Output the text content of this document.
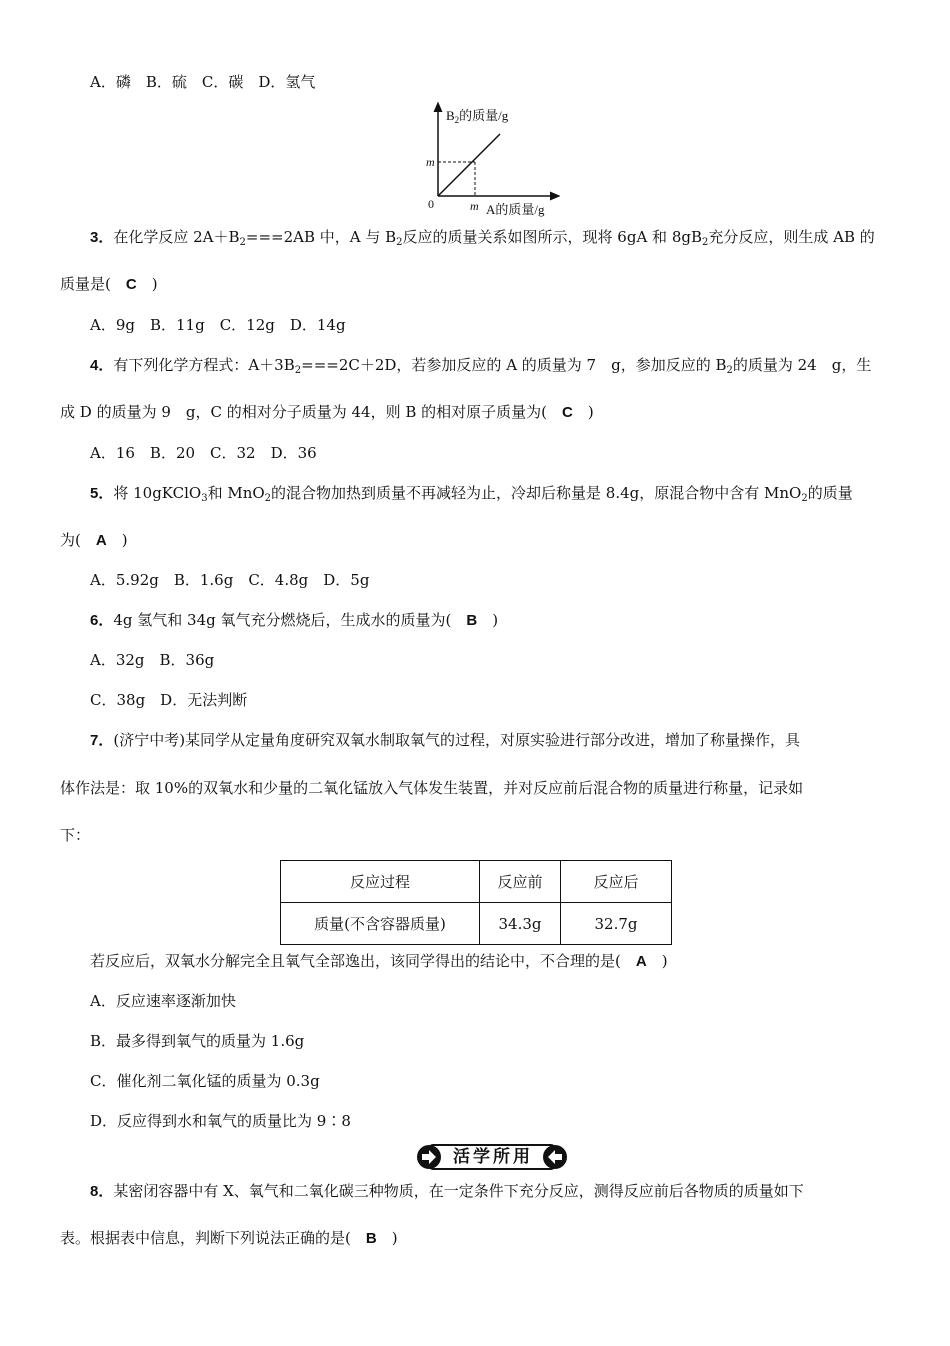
A．磷　B．硫　C．碳　D．氢气
$B_2$的质量/g
m
0	m A的质量/g
3．在化学反应 $2A+B_2===2AB$ 中，A 与 $B_2$反应的质量关系如图所示，现将 6gA 和 $8gB_2$充分反应，则生成 AB 的
质量是(　C　)
A．9g　B．11g　C．12g　D．14g
4．有下列化学方程式：$A+3B_2===2C+2D$，若参加反应的 A 的质量为 7　g，参加反应的 $B_2$的质量为 24　g，生
成 D 的质量为 9　g，C 的相对分子质量为 44，则 B 的相对原子质量为(　C　)
A．16　B．20　C．32　D．36
5．将 10gKClO$_3$和 MnO$_2$的混合物加热到质量不再减轻为止，冷却后称量是 8.4g，原混合物中含有 MnO$_2$的质量
为(　A　)
A．5.92g　B．1.6g　C．4.8g　D．5g
6．4g 氢气和 34g 氧气充分燃烧后，生成水的质量为(　B　)
A．32g　B．36g
C．38g　D．无法判断
7．(济宁中考)某同学从定量角度研究双氧水制取氧气的过程，对原实验进行部分改进，增加了称量操作，具
体作法是：取 10%的双氧水和少量的二氧化锰放入气体发生装置，并对反应前后混合物的质量进行称量，记录如
下：
反应过程	反应前	反应后
质量(不含容器质量)	34.3g	32.7g
若反应后，双氧水分解完全且氧气全部逸出，该同学得出的结论中，不合理的是(　A　)
A．反应速率逐渐加快
B．最多得到氧气的质量为 1.6g
C．催化剂二氧化锰的质量为 0.3g
D．反应得到水和氧气的质量比为 9∶8
活学所用
8．某密闭容器中有 X、氧气和二氧化碳三种物质，在一定条件下充分反应，测得反应前后各物质的质量如下
表。根据表中信息，判断下列说法正确的是(　B　)
